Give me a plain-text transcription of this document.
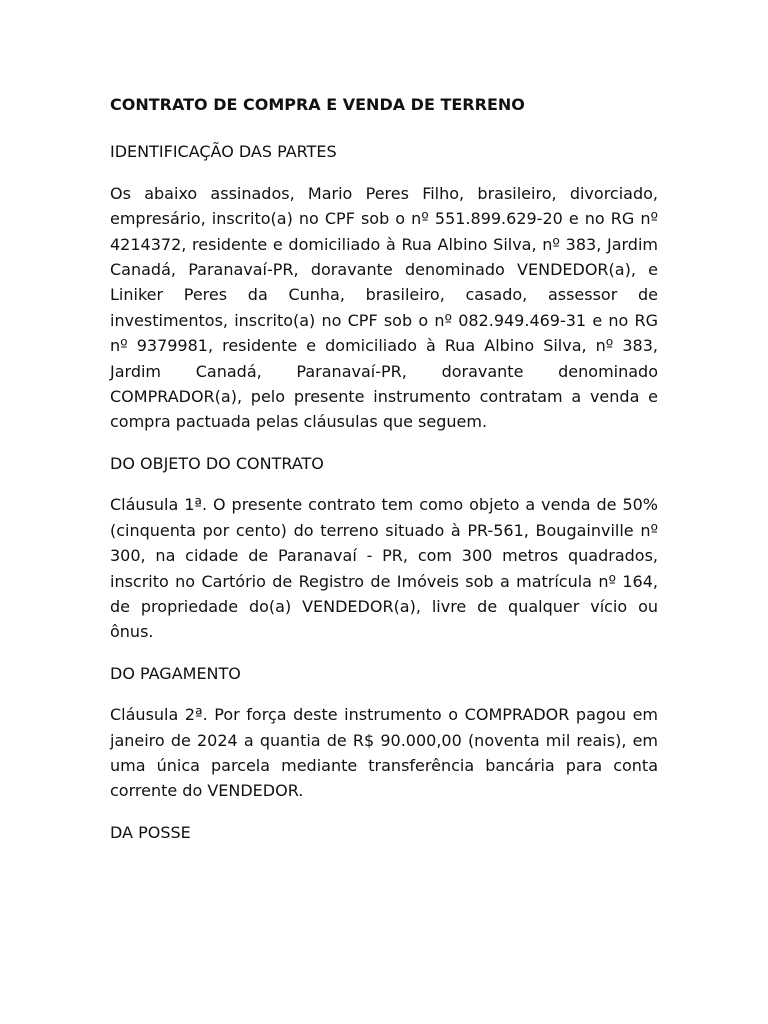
CONTRATO DE COMPRA E VENDA DE TERRENO
IDENTIFICAÇÃO DAS PARTES
Os abaixo assinados, Mario Peres Filho, brasileiro, divorciado, empresário, inscrito(a) no CPF sob o nº 551.899.629-20 e no RG nº 4214372, residente e domiciliado à Rua Albino Silva, nº 383, Jardim Canadá, Paranavaí-PR, doravante denominado VENDEDOR(a), e Liniker Peres da Cunha, brasileiro, casado, assessor de investimentos, inscrito(a) no CPF sob o nº 082.949.469-31 e no RG nº 9379981, residente e domiciliado à Rua Albino Silva, nº 383, Jardim Canadá, Paranavaí-PR, doravante denominado COMPRADOR(a), pelo presente instrumento contratam a venda e compra pactuada pelas cláusulas que seguem.
DO OBJETO DO CONTRATO
Cláusula 1ª. O presente contrato tem como objeto a venda de 50% (cinquenta por cento) do terreno situado à PR-561, Bougainville nº 300, na cidade de Paranavaí - PR, com 300 metros quadrados, inscrito no Cartório de Registro de Imóveis sob a matrícula nº 164, de propriedade do(a) VENDEDOR(a), livre de qualquer vício ou ônus.
DO PAGAMENTO
Cláusula 2ª. Por força deste instrumento o COMPRADOR pagou em janeiro de 2024 a quantia de R$ 90.000,00 (noventa mil reais), em uma única parcela mediante transferência bancária para conta corrente do VENDEDOR.
DA POSSE
